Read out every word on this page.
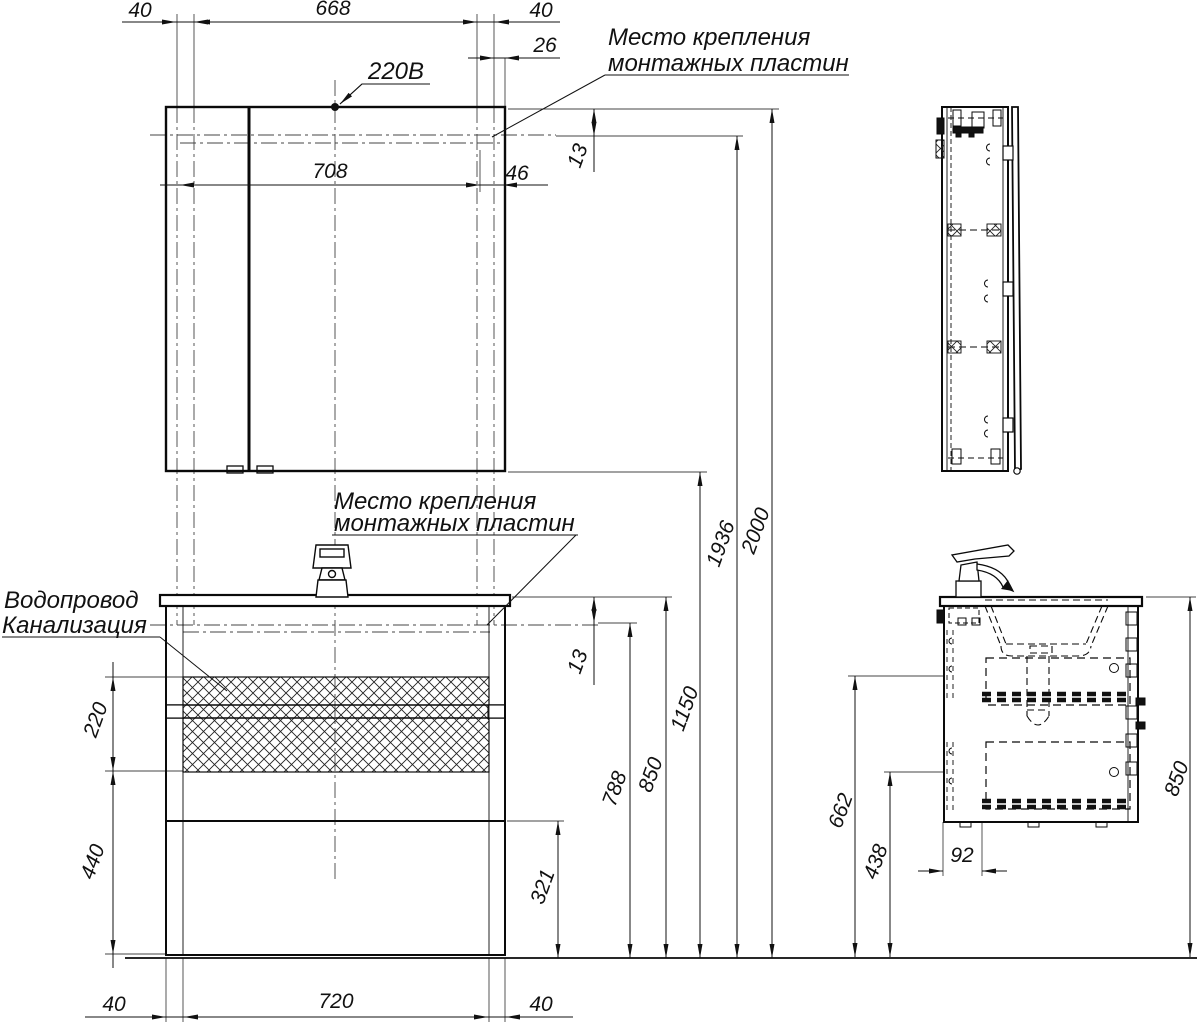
40	668	40
26
220В
Место крепления
монтажных пластин
708	46
13
Место крепления
монтажных пластин
Водопровод
Канализация
13
220
440
321
788 850
1150
1936
2000
40	720	40
662
438	92
850
